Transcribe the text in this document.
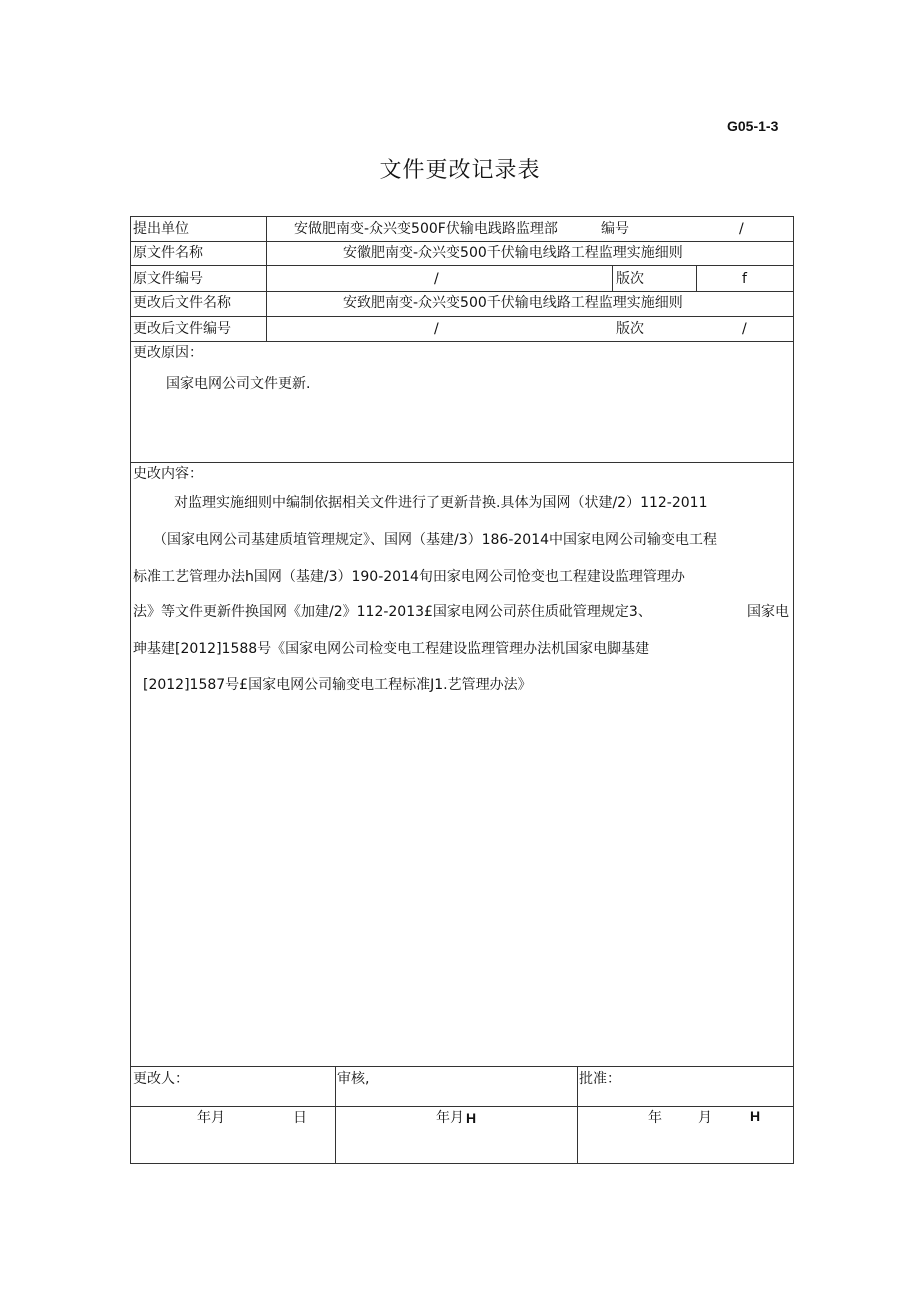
G05-1-3
文件更改记录表
提出单位	安做肥南变-众兴变500F伏输电践路监理部	编号	/
原文件名称	安徽肥南变-众兴变500千伏输电线路工程监理实施细则
原文件编号	/	版次	f
更改后文件名称	安致肥南变-众兴变500千伏输电线路工程监理实施细则
更改后文件编号	/	版次	/
更改原因：
国家电网公司文件更新.
史改内容：
对监理实施细则中编制依据相关文件进行了更新昔换.具体为国网（状建/2）112-2011
（国家电网公司基建质埴管理规定》、国网（基建/3）186-2014中国家电网公司输变电工程
标准工艺管理办法h国网（基建/3）190-2014旬田家电网公司怆变也工程建设监理管理办
法》等文件更新件换国网《加建/2》112-2013£国家电网公司菸住质砒管理规定3、	国家电
珅基建[2012]1588号《国家电网公司检变电工程建设监理管理办法机国家电脚基建
[2012]1587号£国家电网公司输变电工程标准J1.艺管理办法》
更改人：	审核,	批准：
年月	日	年月 H	年	月	H
